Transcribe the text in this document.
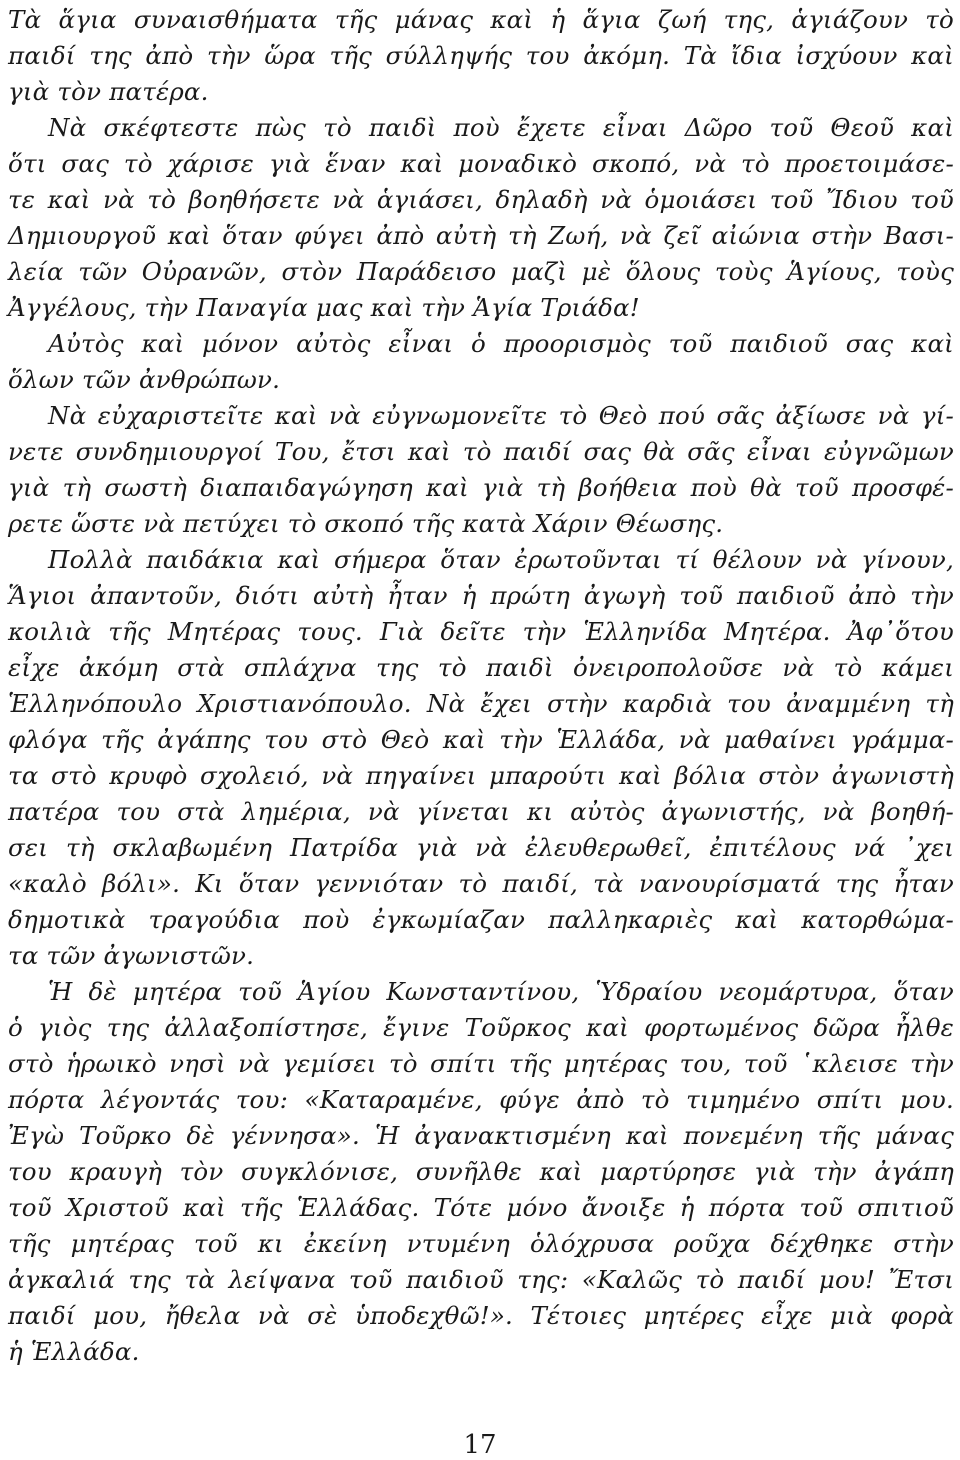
Τὰ ἅγια συναισθήματα τῆς μάνας καὶ ἡ ἅγια ζωή της, ἁγιάζουν τὸ
παιδί της ἀπὸ τὴν ὥρα τῆς σύλληψής του ἀκόμη. Τὰ ἴδια ἰσχύουν καὶ
γιὰ τὸν πατέρα.
Νὰ σκέφτεστε πὼς τὸ παιδὶ ποὺ ἔχετε εἶναι Δῶρο τοῦ Θεοῦ καὶ
ὅτι σας τὸ χάρισε γιὰ ἕναν καὶ μοναδικὸ σκοπό, νὰ τὸ προετοιμάσε-
τε καὶ νὰ τὸ βοηθήσετε νὰ ἁγιάσει, δηλαδὴ νὰ ὁμοιάσει τοῦ Ἴδιου τοῦ
Δημιουργοῦ καὶ ὅταν φύγει ἀπὸ αὐτὴ τὴ Ζωή, νὰ ζεῖ αἰώνια στὴν Βασι-
λεία τῶν Οὐρανῶν, στὸν Παράδεισο μαζὶ μὲ ὅλους τοὺς Ἁγίους, τοὺς
Ἀγγέλους, τὴν Παναγία μας καὶ τὴν Ἁγία Τριάδα!
Αὐτὸς καὶ μόνον αὐτὸς εἶναι ὁ προορισμὸς τοῦ παιδιοῦ σας καὶ
ὅλων τῶν ἀνθρώπων.
Νὰ εὐχαριστεῖτε καὶ νὰ εὐγνωμονεῖτε τὸ Θεὸ πού σᾶς ἀξίωσε νὰ γί-
νετε συνδημιουργοί Του, ἔτσι καὶ τὸ παιδί σας θὰ σᾶς εἶναι εὐγνῶμων
γιὰ τὴ σωστὴ διαπαιδαγώγηση καὶ γιὰ τὴ βοήθεια ποὺ θὰ τοῦ προσφέ-
ρετε ὥστε νὰ πετύχει τὸ σκοπό τῆς κατὰ Χάριν Θέωσης.
Πολλὰ παιδάκια καὶ σήμερα ὅταν ἐρωτοῦνται τί θέλουν νὰ γίνουν,
Ἅγιοι ἀπαντοῦν, διότι αὐτὴ ἦταν ἡ πρώτη ἀγωγὴ τοῦ παιδιοῦ ἀπὸ τὴν
κοιλιὰ τῆς Μητέρας τους. Γιὰ δεῖτε τὴν Ἑλληνίδα Μητέρα. Ἀφ᾽ὅτου
εἶχε ἀκόμη στὰ σπλάχνα της τὸ παιδὶ ὀνειροπολοῦσε νὰ τὸ κάμει
Ἑλληνόπουλο Χριστιανόπουλο. Νὰ ἔχει στὴν καρδιὰ του ἀναμμένη τὴ
φλόγα τῆς ἀγάπης του στὸ Θεὸ καὶ τὴν Ἑλλάδα, νὰ μαθαίνει γράμμα-
τα στὸ κρυφὸ σχολειό, νὰ πηγαίνει μπαρούτι καὶ βόλια στὸν ἀγωνιστὴ
πατέρα του στὰ λημέρια, νὰ γίνεται κι αὐτὸς ἀγωνιστής, νὰ βοηθή-
σει τὴ σκλαβωμένη Πατρίδα γιὰ νὰ ἐλευθερωθεῖ, ἐπιτέλους νά ᾽χει
«καλὸ βόλι». Κι ὅταν γεννιόταν τὸ παιδί, τὰ νανουρίσματά της ἦταν
δημοτικὰ τραγούδια ποὺ ἐγκωμίαζαν παλληκαριὲς καὶ κατορθώμα-
τα τῶν ἀγωνιστῶν.
Ἡ δὲ μητέρα τοῦ Ἁγίου Κωνσταντίνου, Ὑδραίου νεομάρτυρα, ὅταν
ὁ γιὸς της ἀλλαξοπίστησε, ἔγινε Τοῦρκος καὶ φορτωμένος δῶρα ἦλθε
στὸ ἡρωικὸ νησὶ νὰ γεμίσει τὸ σπίτι τῆς μητέρας του, τοῦ ῾κλεισε τὴν
πόρτα λέγοντάς του: «Καταραμένε, φύγε ἀπὸ τὸ τιμημένο σπίτι μου.
Ἐγὼ Τοῦρκο δὲ γέννησα». Ἡ ἀγανακτισμένη καὶ πονεμένη τῆς μάνας
του κραυγὴ τὸν συγκλόνισε, συνῆλθε καὶ μαρτύρησε γιὰ τὴν ἀγάπη
τοῦ Χριστοῦ καὶ τῆς Ἑλλάδας. Τότε μόνο ἄνοιξε ἡ πόρτα τοῦ σπιτιοῦ
τῆς μητέρας τοῦ κι ἐκείνη ντυμένη ὁλόχρυσα ροῦχα δέχθηκε στὴν
ἀγκαλιά της τὰ λείψανα τοῦ παιδιοῦ της: «Καλῶς τὸ παιδί μου! Ἔτσι
παιδί μου, ἤθελα νὰ σὲ ὑποδεχθῶ!». Τέτοιες μητέρες εἶχε μιὰ φορὰ
ἡ Ἑλλάδα.
17
